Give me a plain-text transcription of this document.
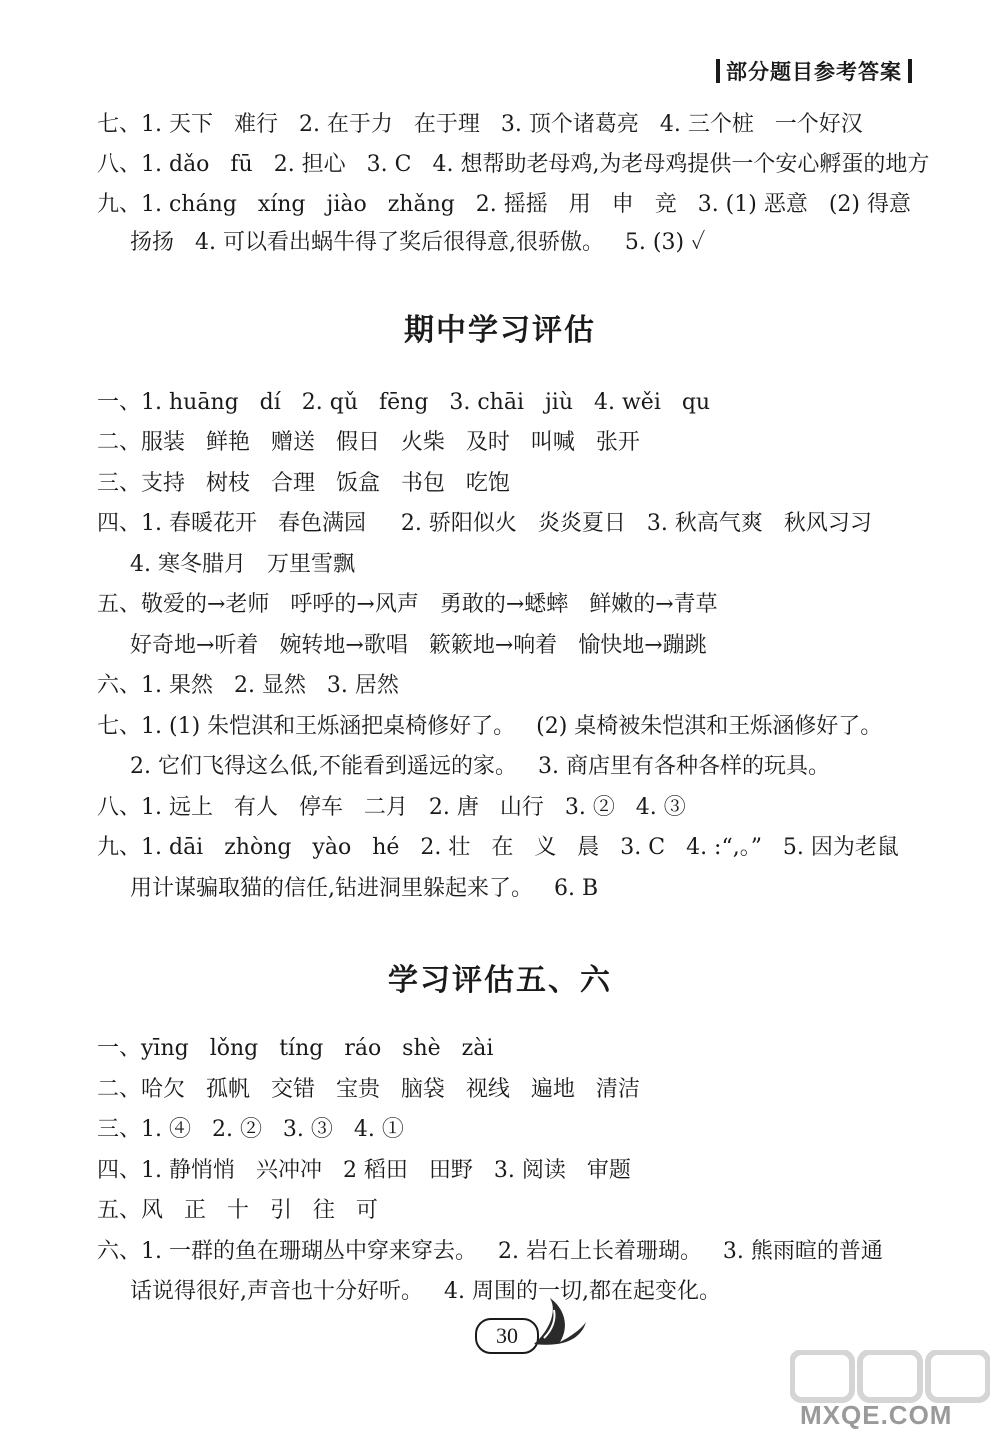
部分题目参考答案
七、1. 天下   难行   2. 在于力   在于理   3. 顶个诸葛亮   4. 三个桩   一个好汉
八、1. dǎo   fū   2. 担心   3. C   4. 想帮助老母鸡,为老母鸡提供一个安心孵蛋的地方
九、1. cháng   xíng   jiào   zhǎng   2. 摇摇   用   申   竞   3. (1) 恶意   (2) 得意
扬扬   4. 可以看出蜗牛得了奖后很得意,很骄傲。   5. (3) ✓
期中学习评估
一、1. huāng   dí   2. qǔ   fēng   3. chāi   jiù   4. wěi   qu
二、服装   鲜艳   赠送   假日   火柴   及时   叫喊   张开
三、支持   树枝   合理   饭盒   书包   吃饱
四、1. 春暖花开   春色满园     2. 骄阳似火   炎炎夏日   3. 秋高气爽   秋风习习
4. 寒冬腊月   万里雪飘
五、敬爱的→老师   呼呼的→风声   勇敢的→蟋蟀   鲜嫩的→青草
好奇地→听着   婉转地→歌唱   簌簌地→响着   愉快地→蹦跳
六、1. 果然   2. 显然   3. 居然
七、1. (1) 朱恺淇和王烁涵把桌椅修好了。   (2) 桌椅被朱恺淇和王烁涵修好了。
2. 它们飞得这么低,不能看到遥远的家。   3. 商店里有各种各样的玩具。
八、1. 远上   有人   停车   二月   2. 唐   山行   3. ②   4. ③
九、1. dāi   zhòng   yào   hé   2. 壮   在   义   晨   3. C   4. :“,。”   5. 因为老鼠
用计谋骗取猫的信任,钻进洞里躲起来了。   6. B
学习评估五、六
一、yīng   lǒng   tíng   ráo   shè   zài
二、哈欠   孤帆   交错   宝贵   脑袋   视线   遍地   清洁
三、1. ④   2. ②   3. ③   4. ①
四、1. 静悄悄   兴冲冲   2 稻田   田野   3. 阅读   审题
五、风   正   十   引   往   可
六、1. 一群的鱼在珊瑚丛中穿来穿去。   2. 岩石上长着珊瑚。   3. 熊雨暄的普通
话说得很好,声音也十分好听。   4. 周围的一切,都在起变化。
30
MXQE.COM
